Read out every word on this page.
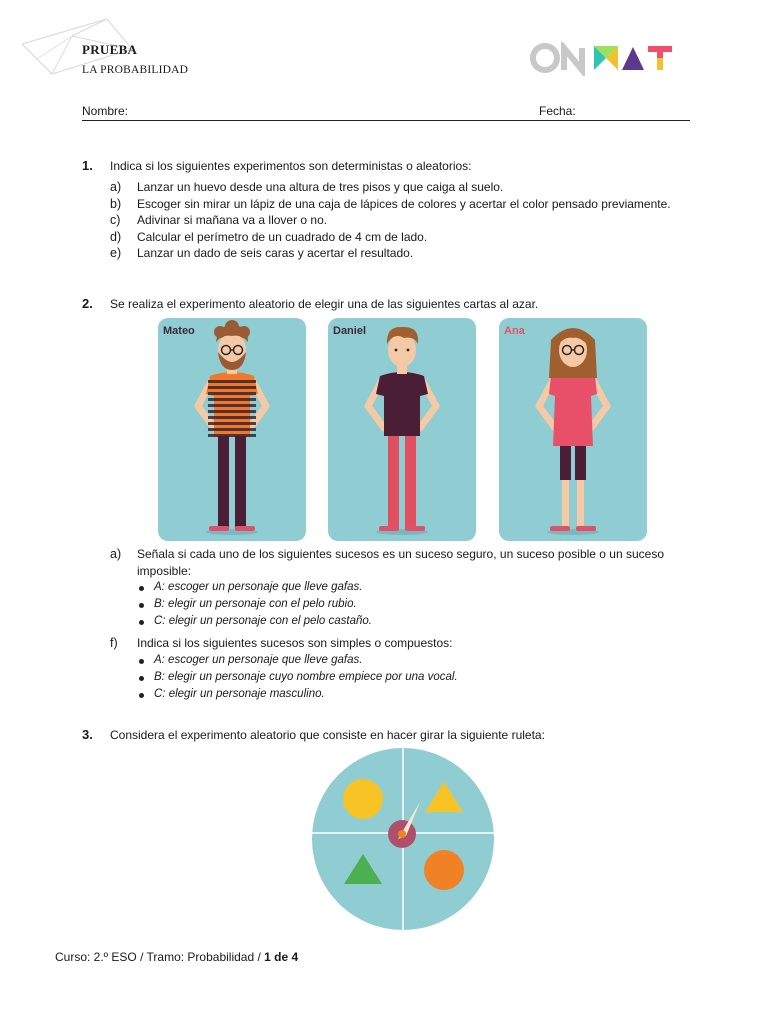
PRUEBA
LA PROBABILIDAD
Nombre:	Fecha:
1. Indica si los siguientes experimentos son deterministas o aleatorios:
a) Lanzar un huevo desde una altura de tres pisos y que caiga al suelo.
b) Escoger sin mirar un lápiz de una caja de lápices de colores y acertar el color pensado previamente.
c) Adivinar si mañana va a llover o no.
d) Calcular el perímetro de un cuadrado de 4 cm de lado.
e) Lanzar un dado de seis caras y acertar el resultado.
2. Se realiza el experimento aleatorio de elegir una de las siguientes cartas al azar.
Mateo	Daniel	Ana
a) Señala si cada uno de los siguientes sucesos es un suceso seguro, un suceso posible o un suceso imposible:
A: escoger un personaje que lleve gafas.
B: elegir un personaje con el pelo rubio.
C: elegir un personaje con el pelo castaño.
f) Indica si los siguientes sucesos son simples o compuestos:
A: escoger un personaje que lleve gafas.
B: elegir un personaje cuyo nombre empiece por una vocal.
C: elegir un personaje masculino.
3. Considera el experimento aleatorio que consiste en hacer girar la siguiente ruleta:
Curso: 2.º ESO / Tramo: Probabilidad / 1 de 4
